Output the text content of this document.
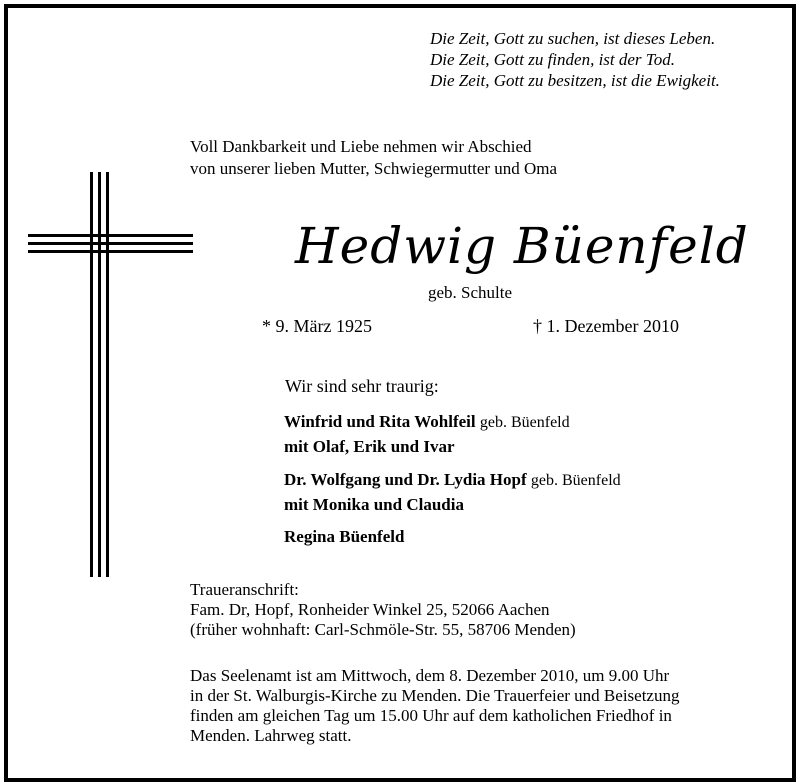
Die Zeit, Gott zu suchen, ist dieses Leben.
Die Zeit, Gott zu finden, ist der Tod.
Die Zeit, Gott zu besitzen, ist die Ewigkeit.
Voll Dankbarkeit und Liebe nehmen wir Abschied
von unserer lieben Mutter, Schwiegermutter und Oma
Hedwig Büenfeld
geb. Schulte
* 9. März 1925	† 1. Dezember 2010
Wir sind sehr traurig:
Winfrid und Rita Wohlfeil geb. Büenfeld
mit Olaf, Erik und Ivar
Dr. Wolfgang und Dr. Lydia Hopf geb. Büenfeld
mit Monika und Claudia
Regina Büenfeld
Traueranschrift:
Fam. Dr, Hopf, Ronheider Winkel 25, 52066 Aachen
(früher wohnhaft: Carl-Schmöle-Str. 55, 58706 Menden)
Das Seelenamt ist am Mittwoch, dem 8. Dezember 2010, um 9.00 Uhr
in der St. Walburgis-Kirche zu Menden. Die Trauerfeier und Beisetzung
finden am gleichen Tag um 15.00 Uhr auf dem katholichen Friedhof in
Menden. Lahrweg statt.
